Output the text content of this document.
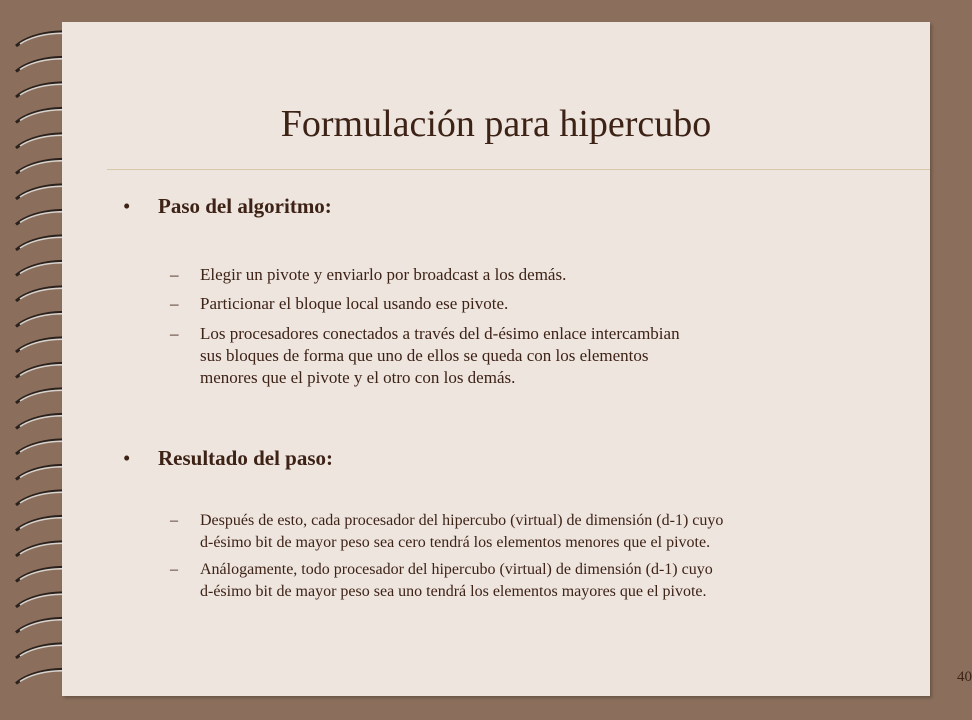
Formulación para hipercubo
• Paso del algoritmo:
– Elegir un pivote y enviarlo por broadcast a los demás.
– Particionar el bloque local usando ese pivote.
– Los procesadores conectados a través del d-ésimo enlace intercambian
sus bloques de forma que uno de ellos se queda con los elementos
menores que el pivote y el otro con los demás.
• Resultado del paso:
– Después de esto, cada procesador del hipercubo (virtual) de dimensión (d-1) cuyo
d-ésimo bit de mayor peso sea cero tendrá los elementos menores que el pivote.
– Análogamente, todo procesador del hipercubo (virtual) de dimensión (d-1) cuyo
d-ésimo bit de mayor peso sea uno tendrá los elementos mayores que el pivote.
40
